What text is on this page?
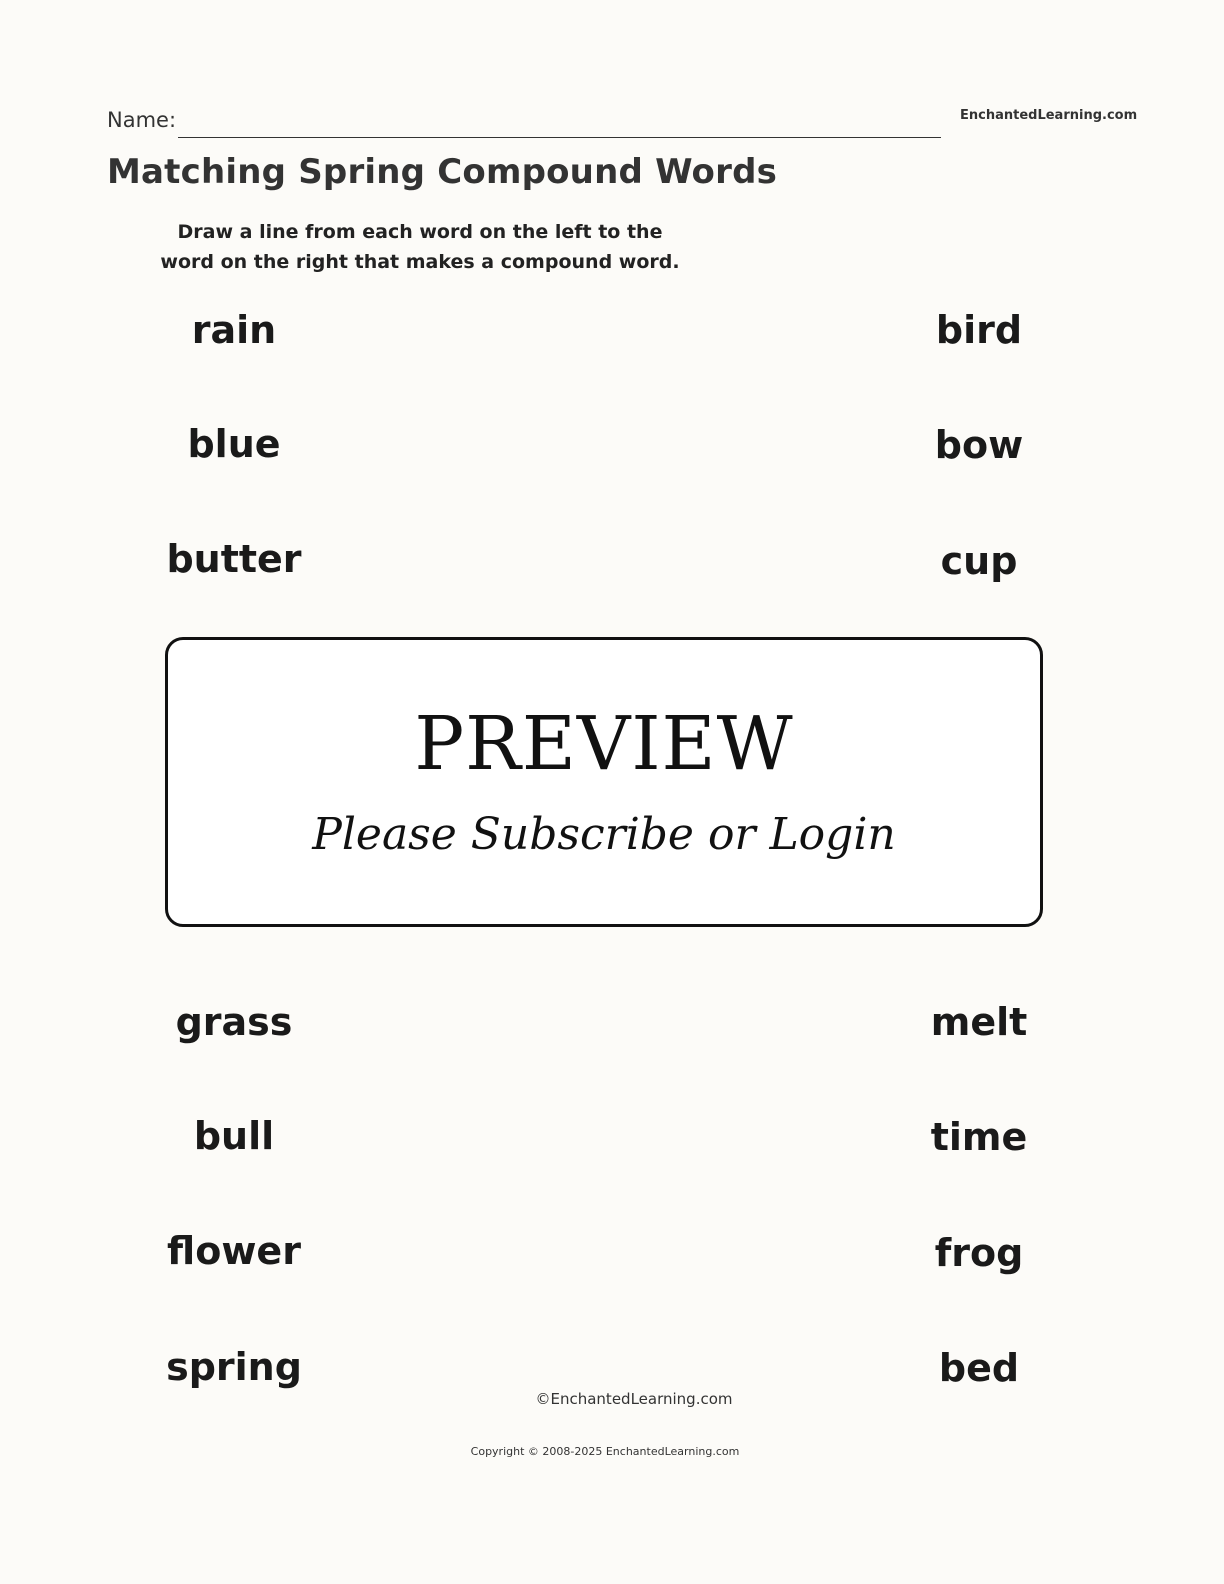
Name:	EnchantedLearning.com
Matching Spring Compound Words
Draw a line from each word on the left to the
word on the right that makes a compound word.
rain
blue
butter
grass
bull
flower
spring
bird
bow
cup
melt
time
frog
bed
PREVIEW
Please Subscribe or Login
©EnchantedLearning.com
Copyright © 2008-2025 EnchantedLearning.com
